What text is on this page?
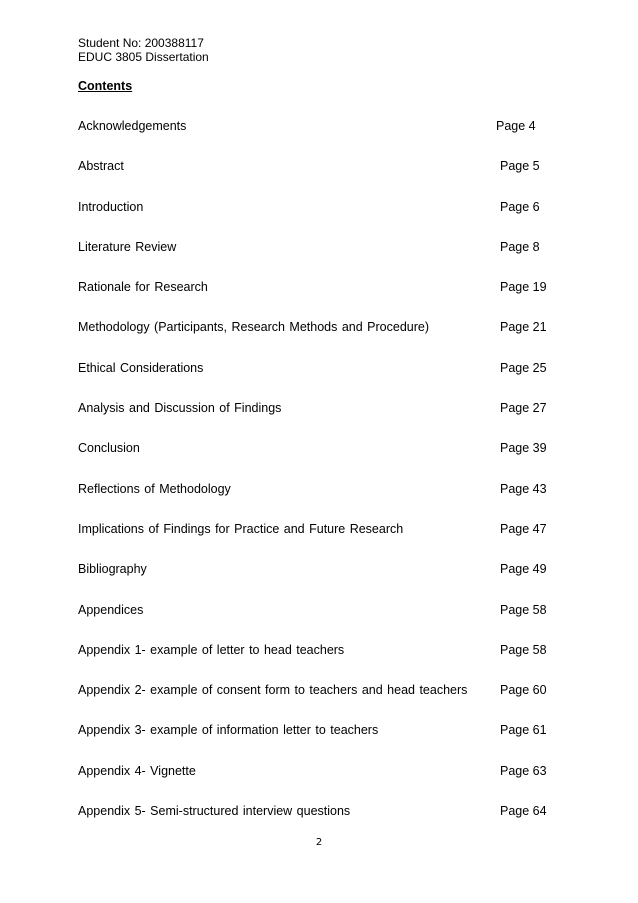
Student No: 200388117
EDUC 3805 Dissertation
Contents
Acknowledgements	Page 4
Abstract	Page 5
Introduction	Page 6
Literature Review	Page 8
Rationale for Research	Page 19
Methodology (Participants, Research Methods and Procedure)	Page 21
Ethical Considerations	Page 25
Analysis and Discussion of Findings	Page 27
Conclusion	Page 39
Reflections of Methodology	Page 43
Implications of Findings for Practice and Future Research	Page 47
Bibliography	Page 49
Appendices	Page 58
Appendix 1- example of letter to head teachers	Page 58
Appendix 2- example of consent form to teachers and head teachers	Page 60
Appendix 3- example of information letter to teachers	Page 61
Appendix 4- Vignette	Page 63
Appendix 5- Semi-structured interview questions	Page 64
2
